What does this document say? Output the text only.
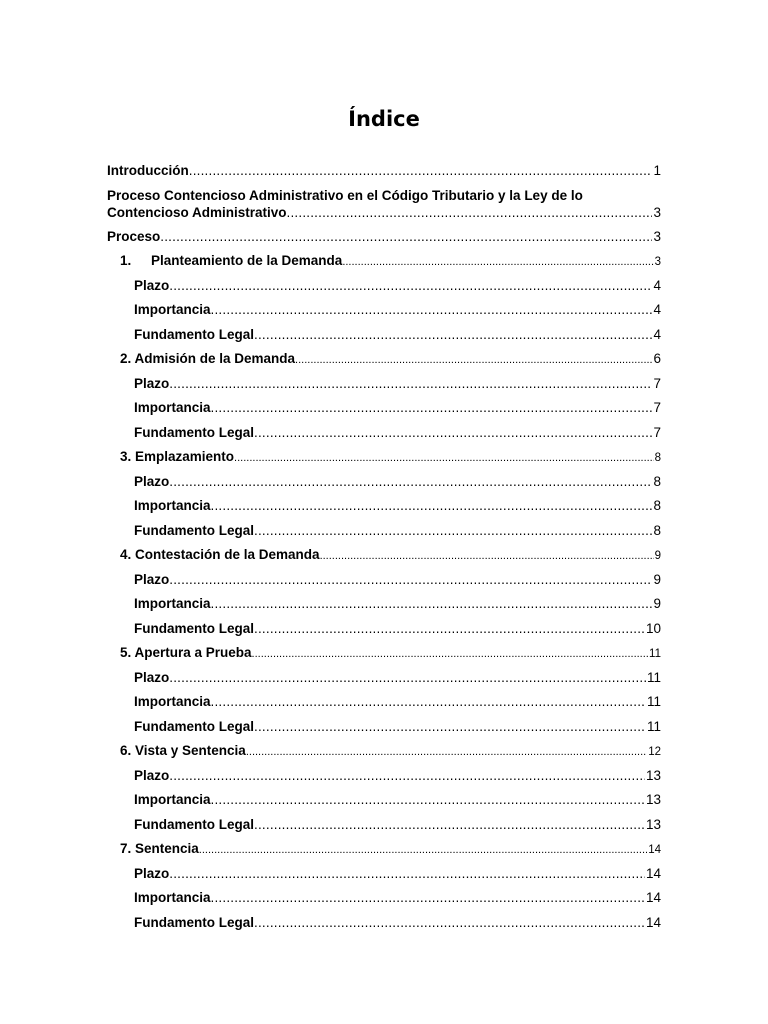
Índice
Introducción .....	1
Proceso Contencioso Administrativo en el Código Tributario y la Ley de lo
Contencioso Administrativo .....	3
Proceso .....	3
1. Planteamiento de la Demanda .....	3
Plazo .....	4
Importancia .....	4
Fundamento Legal .....	4
2. Admisión de la Demanda .....	6
Plazo .....	7
Importancia .....	7
Fundamento Legal .....	7
3. Emplazamiento .....	8
Plazo .....	8
Importancia .....	8
Fundamento Legal .....	8
4. Contestación de la Demanda .....	9
Plazo .....	9
Importancia .....	9
Fundamento Legal .....	10
5. Apertura a Prueba .....	11
Plazo .....	11
Importancia .....	11
Fundamento Legal .....	11
6. Vista y Sentencia .....	12
Plazo .....	13
Importancia .....	13
Fundamento Legal .....	13
7. Sentencia .....	14
Plazo .....	14
Importancia .....	14
Fundamento Legal .....	14
